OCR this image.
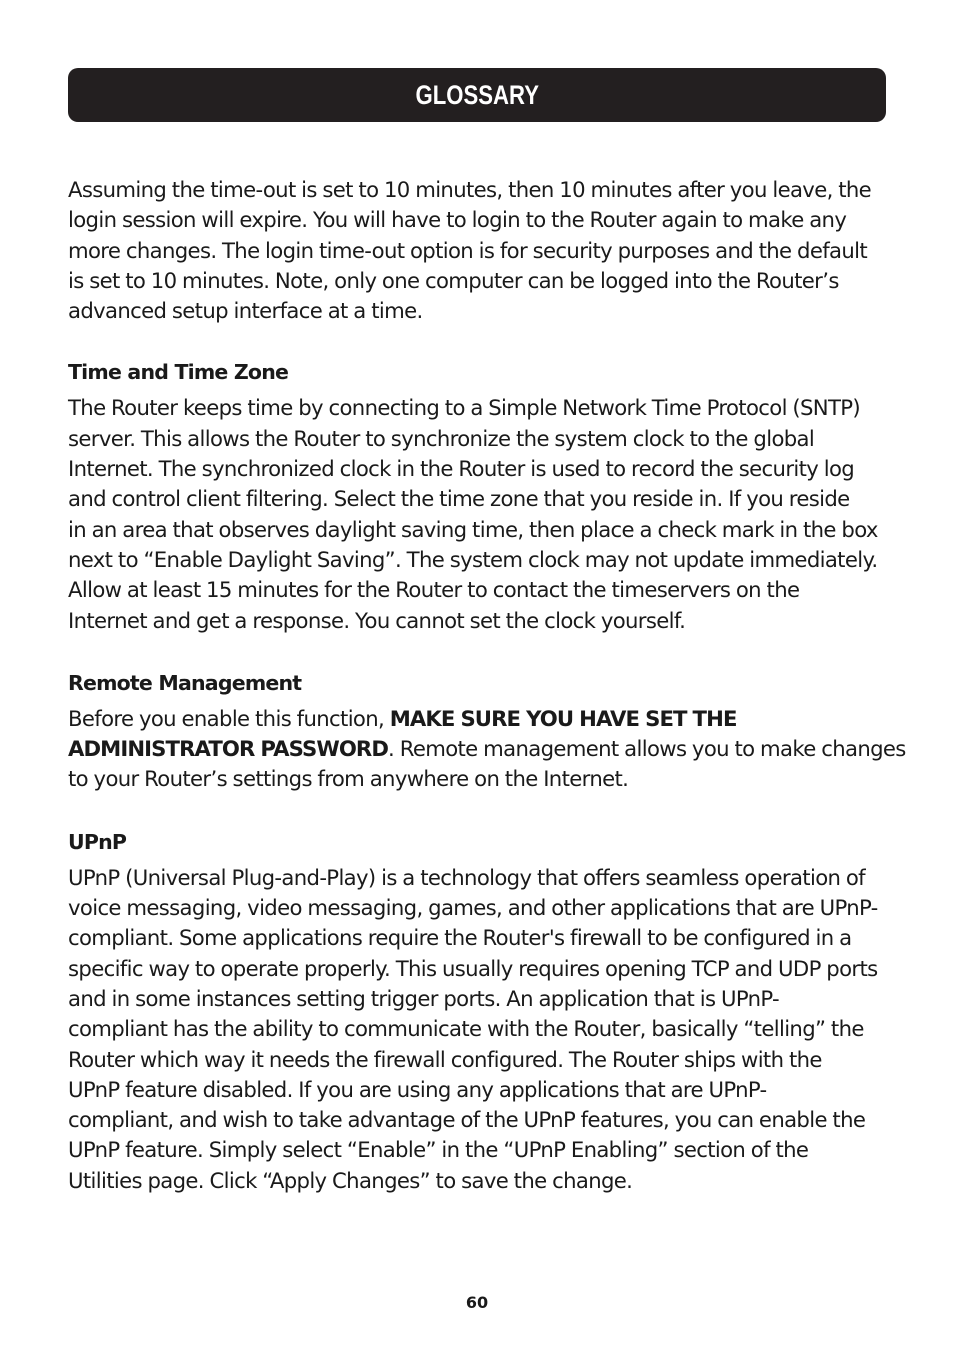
GLOSSARY

Assuming the time-out is set to 10 minutes, then 10 minutes after you leave, the
login session will expire. You will have to login to the Router again to make any
more changes. The login time-out option is for security purposes and the default
is set to 10 minutes. Note, only one computer can be logged into the Router’s
advanced setup interface at a time.

Time and Time Zone

The Router keeps time by connecting to a Simple Network Time Protocol (SNTP)
server. This allows the Router to synchronize the system clock to the global
Internet. The synchronized clock in the Router is used to record the security log
and control client filtering. Select the time zone that you reside in. If you reside
in an area that observes daylight saving time, then place a check mark in the box
next to “Enable Daylight Saving”. The system clock may not update immediately.
Allow at least 15 minutes for the Router to contact the timeservers on the
Internet and get a response. You cannot set the clock yourself.

Remote Management

Before you enable this function, MAKE SURE YOU HAVE SET THE
ADMINISTRATOR PASSWORD. Remote management allows you to make changes
to your Router’s settings from anywhere on the Internet.

UPnP

UPnP (Universal Plug-and-Play) is a technology that offers seamless operation of
voice messaging, video messaging, games, and other applications that are UPnP-
compliant. Some applications require the Router's firewall to be configured in a
specific way to operate properly. This usually requires opening TCP and UDP ports
and in some instances setting trigger ports. An application that is UPnP-
compliant has the ability to communicate with the Router, basically “telling” the
Router which way it needs the firewall configured. The Router ships with the
UPnP feature disabled. If you are using any applications that are UPnP-
compliant, and wish to take advantage of the UPnP features, you can enable the
UPnP feature. Simply select “Enable” in the “UPnP Enabling” section of the
Utilities page. Click “Apply Changes” to save the change.

60
